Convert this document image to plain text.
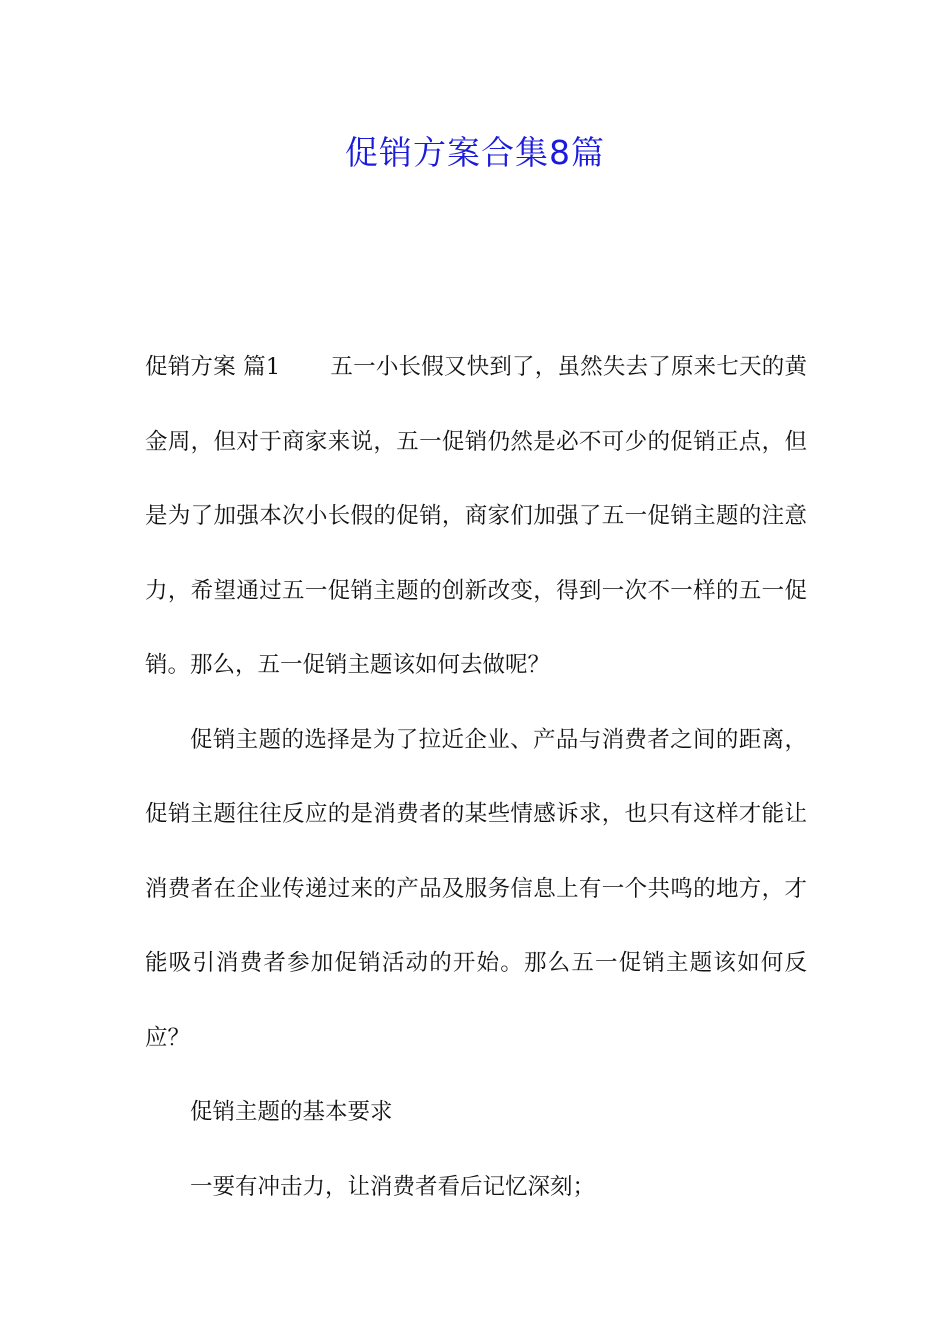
促销方案合集8篇

促销方案 篇1 五一小长假又快到了，虽然失去了原来七天的黄金周，但对于商家来说，五一促销仍然是必不可少的促销正点，但是为了加强本次小长假的促销，商家们加强了五一促销主题的注意力，希望通过五一促销主题的创新改变，得到一次不一样的五一促销。那么，五一促销主题该如何去做呢？

促销主题的选择是为了拉近企业、产品与消费者之间的距离，促销主题往往反应的是消费者的某些情感诉求，也只有这样才能让消费者在企业传递过来的产品及服务信息上有一个共鸣的地方，才能吸引消费者参加促销活动的开始。那么五一促销主题该如何反应？

促销主题的基本要求

一要有冲击力，让消费者看后记忆深刻；
